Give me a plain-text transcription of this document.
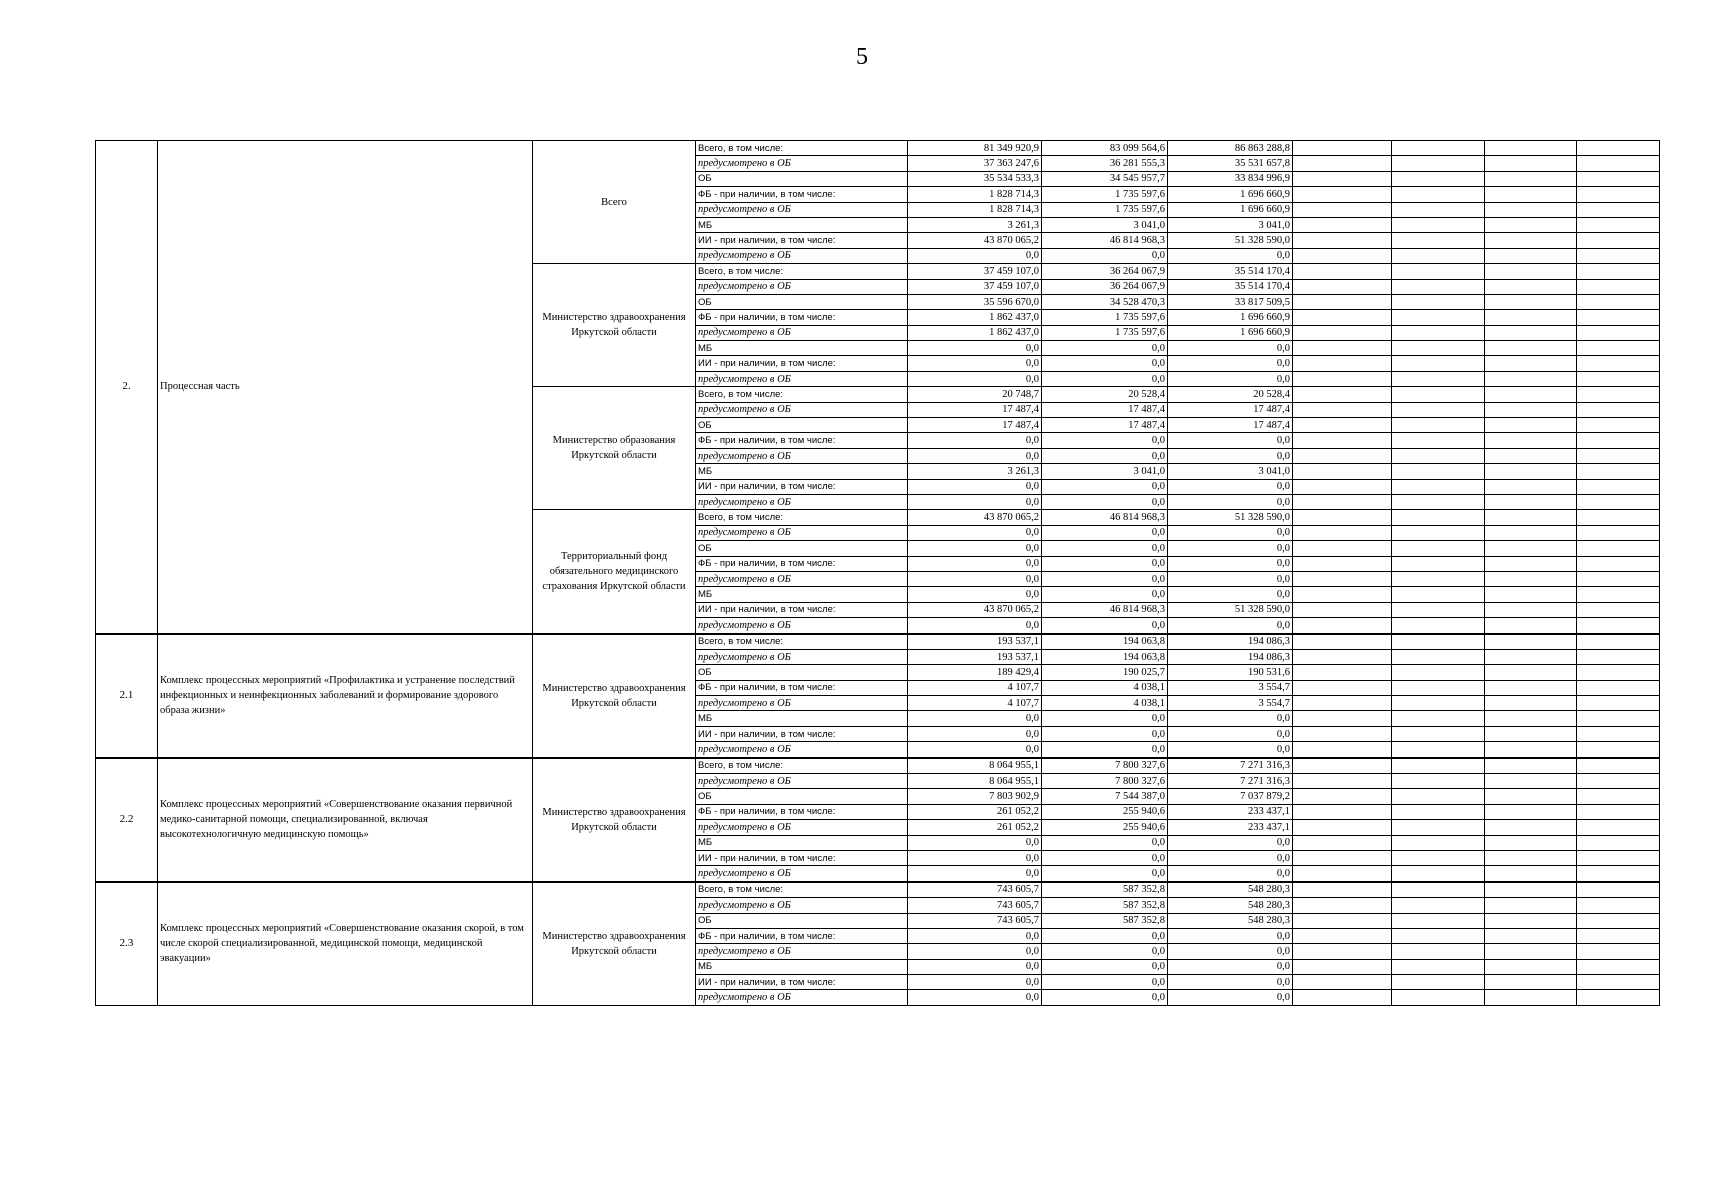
5
2.	Процессная часть	Всего	Всего, в том числе:	81 349 920,9	83 099 564,6	86 863 288,8				
			предусмотрено в ОБ	37 363 247,6	36 281 555,3	35 531 657,8				
			ОБ	35 534 533,3	34 545 957,7	33 834 996,9				
			ФБ - при наличии, в том числе:	1 828 714,3	1 735 597,6	1 696 660,9				
			предусмотрено в ОБ	1 828 714,3	1 735 597,6	1 696 660,9				
			МБ	3 261,3	3 041,0	3 041,0				
			ИИ - при наличии, в том числе:	43 870 065,2	46 814 968,3	51 328 590,0				
			предусмотрено в ОБ	0,0	0,0	0,0				
		Министерство здравоохранения Иркутской области	Всего, в том числе:	37 459 107,0	36 264 067,9	35 514 170,4				
			предусмотрено в ОБ	37 459 107,0	36 264 067,9	35 514 170,4				
			ОБ	35 596 670,0	34 528 470,3	33 817 509,5				
			ФБ - при наличии, в том числе:	1 862 437,0	1 735 597,6	1 696 660,9				
			предусмотрено в ОБ	1 862 437,0	1 735 597,6	1 696 660,9				
			МБ	0,0	0,0	0,0				
			ИИ - при наличии, в том числе:	0,0	0,0	0,0				
			предусмотрено в ОБ	0,0	0,0	0,0				
		Министерство образования Иркутской области	Всего, в том числе:	20 748,7	20 528,4	20 528,4				
			предусмотрено в ОБ	17 487,4	17 487,4	17 487,4				
			ОБ	17 487,4	17 487,4	17 487,4				
			ФБ - при наличии, в том числе:	0,0	0,0	0,0				
			предусмотрено в ОБ	0,0	0,0	0,0				
			МБ	3 261,3	3 041,0	3 041,0				
			ИИ - при наличии, в том числе:	0,0	0,0	0,0				
			предусмотрено в ОБ	0,0	0,0	0,0				
		Территориальный фонд обязательного медицинского страхования Иркутской области	Всего, в том числе:	43 870 065,2	46 814 968,3	51 328 590,0				
			предусмотрено в ОБ	0,0	0,0	0,0				
			ОБ	0,0	0,0	0,0				
			ФБ - при наличии, в том числе:	0,0	0,0	0,0				
			предусмотрено в ОБ	0,0	0,0	0,0				
			МБ	0,0	0,0	0,0				
			ИИ - при наличии, в том числе:	43 870 065,2	46 814 968,3	51 328 590,0				
			предусмотрено в ОБ	0,0	0,0	0,0				
2.1	Комплекс процессных мероприятий «Профилактика и устранение последствий инфекционных и неинфекционных заболеваний и формирование здорового образа жизни»	Министерство здравоохранения Иркутской области	Всего, в том числе:	193 537,1	194 063,8	194 086,3				
			предусмотрено в ОБ	193 537,1	194 063,8	194 086,3				
			ОБ	189 429,4	190 025,7	190 531,6				
			ФБ - при наличии, в том числе:	4 107,7	4 038,1	3 554,7				
			предусмотрено в ОБ	4 107,7	4 038,1	3 554,7				
			МБ	0,0	0,0	0,0				
			ИИ - при наличии, в том числе:	0,0	0,0	0,0				
			предусмотрено в ОБ	0,0	0,0	0,0				
2.2	Комплекс процессных мероприятий «Совершенствование оказания первичной медико-санитарной помощи, специализированной, включая высокотехнологичную медицинскую помощь»	Министерство здравоохранения Иркутской области	Всего, в том числе:	8 064 955,1	7 800 327,6	7 271 316,3				
			предусмотрено в ОБ	8 064 955,1	7 800 327,6	7 271 316,3				
			ОБ	7 803 902,9	7 544 387,0	7 037 879,2				
			ФБ - при наличии, в том числе:	261 052,2	255 940,6	233 437,1				
			предусмотрено в ОБ	261 052,2	255 940,6	233 437,1				
			МБ	0,0	0,0	0,0				
			ИИ - при наличии, в том числе:	0,0	0,0	0,0				
			предусмотрено в ОБ	0,0	0,0	0,0				
2.3	Комплекс процессных мероприятий «Совершенствование оказания скорой, в том числе скорой специализированной, медицинской помощи, медицинской эвакуации»	Министерство здравоохранения Иркутской области	Всего, в том числе:	743 605,7	587 352,8	548 280,3				
			предусмотрено в ОБ	743 605,7	587 352,8	548 280,3				
			ОБ	743 605,7	587 352,8	548 280,3				
			ФБ - при наличии, в том числе:	0,0	0,0	0,0				
			предусмотрено в ОБ	0,0	0,0	0,0				
			МБ	0,0	0,0	0,0				
			ИИ - при наличии, в том числе:	0,0	0,0	0,0				
			предусмотрено в ОБ	0,0	0,0	0,0				
